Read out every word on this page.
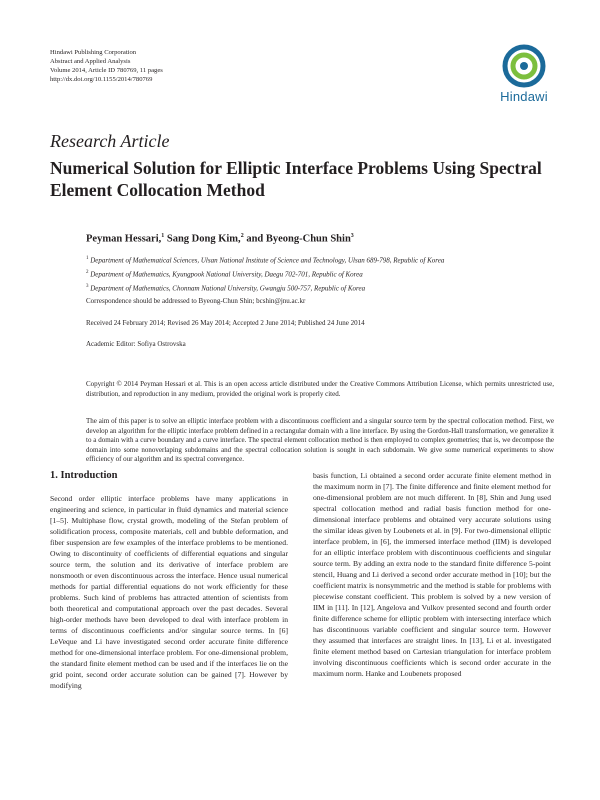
Hindawi Publishing Corporation
Abstract and Applied Analysis
Volume 2014, Article ID 780769, 11 pages
http://dx.doi.org/10.1155/2014/780769
Hindawi
Research Article
Numerical Solution for Elliptic Interface Problems Using Spectral Element Collocation Method
Peyman Hessari,$^1$ Sang Dong Kim,$^2$ and Byeong-Chun Shin$^3$
$^1$ Department of Mathematical Sciences, Ulsan National Institute of Science and Technology, Ulsan 689-798, Republic of Korea
$^2$ Department of Mathematics, Kyungpook National University, Daegu 702-701, Republic of Korea
$^3$ Department of Mathematics, Chonnam National University, Gwangju 500-757, Republic of Korea
Correspondence should be addressed to Byeong-Chun Shin; bcshin@jnu.ac.kr
Received 24 February 2014; Revised 26 May 2014; Accepted 2 June 2014; Published 24 June 2014
Academic Editor: Sofiya Ostrovska
Copyright © 2014 Peyman Hessari et al. This is an open access article distributed under the Creative Commons Attribution License, which permits unrestricted use, distribution, and reproduction in any medium, provided the original work is properly cited.
The aim of this paper is to solve an elliptic interface problem with a discontinuous coefficient and a singular source term by the spectral collocation method. First, we develop an algorithm for the elliptic interface problem defined in a rectangular domain with a line interface. By using the Gordon-Hall transformation, we generalize it to a domain with a curve boundary and a curve interface. The spectral element collocation method is then employed to complex geometries; that is, we decompose the domain into some nonoverlaping subdomains and the spectral collocation solution is sought in each subdomain. We give some numerical experiments to show efficiency of our algorithm and its spectral convergence.
1. Introduction

Second order elliptic interface problems have many applications in engineering and science, in particular in fluid dynamics and material science [1–5]. Multiphase flow, crystal growth, modeling of the Stefan problem of solidification process, composite materials, cell and bubble deformation, and fiber suspension are few examples of the interface problems to be mentioned. Owing to discontinuity of coefficients of differential equations and singular source term, the solution and its derivative of interface problem are nonsmooth or even discontinuous across the interface. Hence usual numerical methods for partial differential equations do not work efficiently for these problems. Such kind of problems has attracted attention of scientists from both theoretical and computational approach over the past decades. Several high-order methods have been developed to deal with interface problem in terms of discontinuous coefficients and/or singular source terms. In [6] LeVeque and Li have investigated second order accurate finite difference method for one-dimensional interface problem. For one-dimensional problem, the standard finite element method can be used and if the interfaces lie on the grid point, second order accurate solution can be gained [7]. However by modifying

basis function, Li obtained a second order accurate finite element method in the maximum norm in [7]. The finite difference and finite element method for one-dimensional problem are not much different. In [8], Shin and Jung used spectral collocation method and radial basis function method for one-dimensional interface problems and obtained very accurate solutions using the similar ideas given by Loubenets et al. in [9]. For two-dimensional elliptic interface problem, in [6], the immersed interface method (IIM) is developed for an elliptic interface problem with discontinuous coefficients and singular source term. By adding an extra node to the standard finite difference 5-point stencil, Huang and Li derived a second order accurate method in [10]; but the coefficient matrix is nonsymmetric and the method is stable for problems with piecewise constant coefficient. This problem is solved by a new version of IIM in [11]. In [12], Angelova and Vulkov presented second and fourth order finite difference scheme for elliptic problem with intersecting interface which has discontinuous variable coefficient and singular source term. However they assumed that interfaces are straight lines. In [13], Li et al. investigated finite element method based on Cartesian triangulation for interface problem involving discontinuous coefficients which is second order accurate in the maximum norm. Hanke and Loubenets proposed
